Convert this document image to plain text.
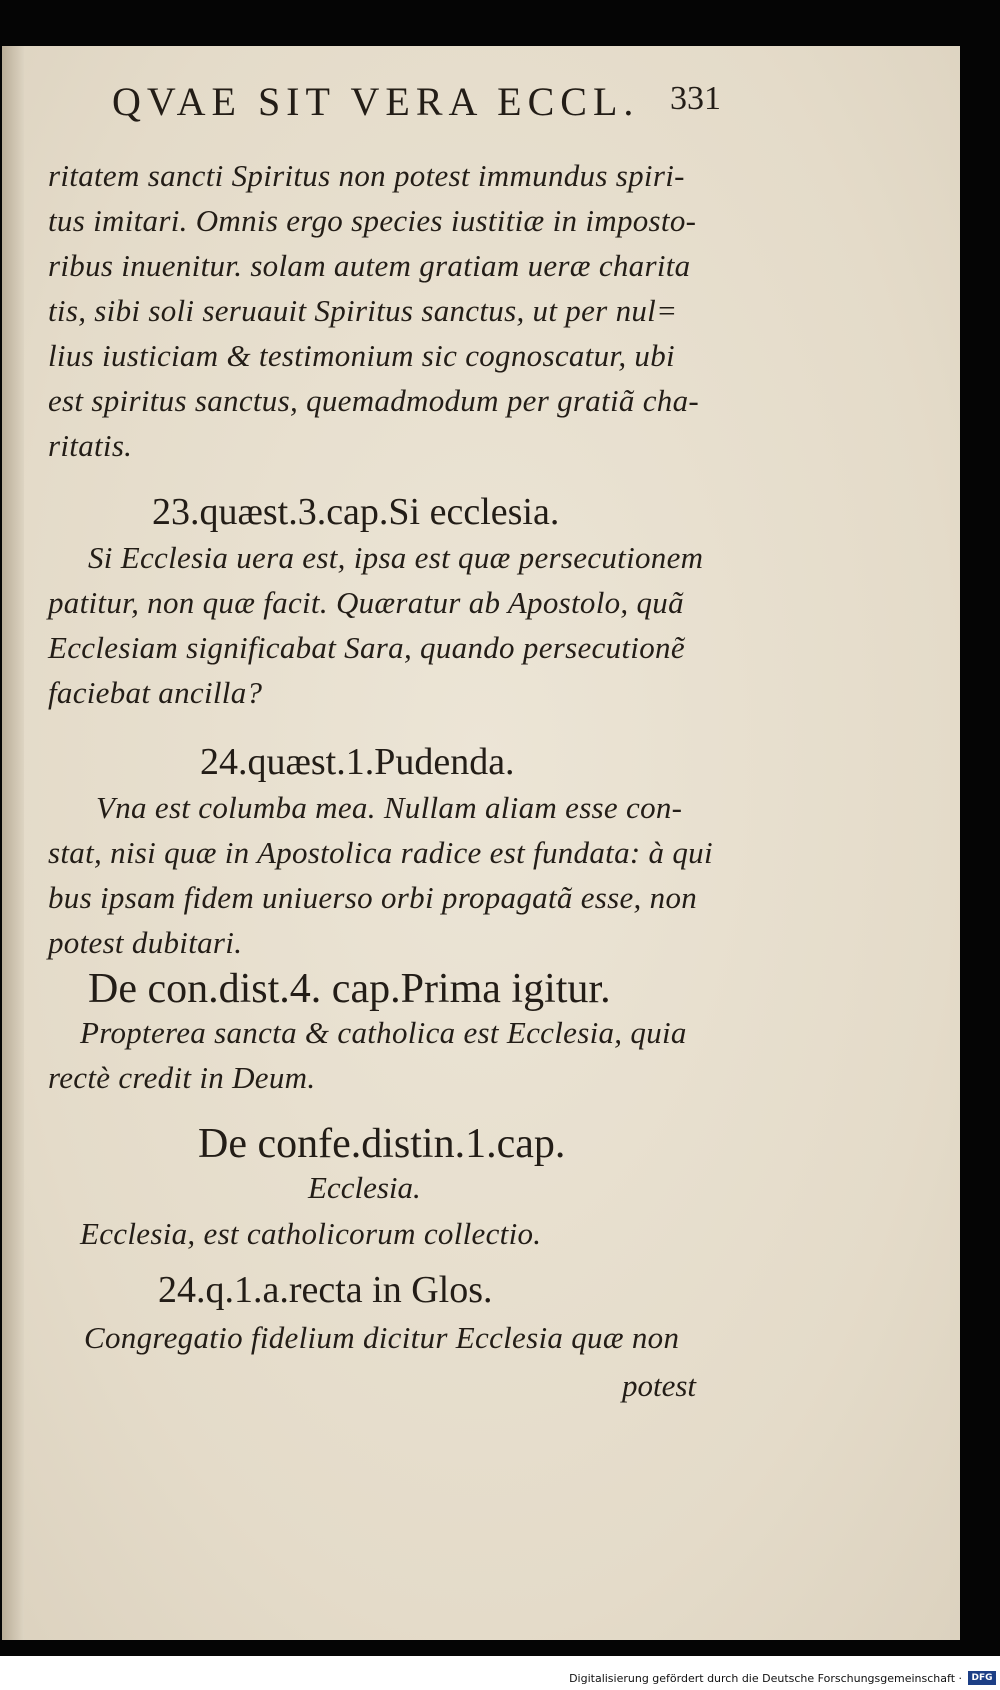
QVAE SIT VERA ECCL. 331
ritatem sancti Spiritus non potest immundus spiri-
tus imitari. Omnis ergo species iustitiæ in imposto-
ribus inuenitur. solam autem gratiam ueræ charita
tis, sibi soli seruauit Spiritus sanctus, ut per nul=
lius iusticiam & testimonium sic cognoscatur, ubi
est spiritus sanctus, quemadmodum per gratiã cha-
ritatis.
23.quæst.3.cap.Si ecclesia.
Si Ecclesia uera est, ipsa est quæ persecutionem
patitur, non quæ facit. Quæratur ab Apostolo, quã
Ecclesiam significabat Sara, quando persecutionẽ
faciebat ancilla?
24.quæst.1.Pudenda.
Vna est columba mea. Nullam aliam esse con-
stat, nisi quæ in Apostolica radice est fundata: à qui
bus ipsam fidem uniuerso orbi propagatã esse, non
potest dubitari.
De con.dist.4. cap.Prima igitur.
Propterea sancta & catholica est Ecclesia, quia
rectè credit in Deum.
De confe.distin.1.cap.
Ecclesia.
Ecclesia, est catholicorum collectio.
24.q.1.a.recta in Glos.
Congregatio fidelium dicitur Ecclesia quæ non
potest
Digitalisierung gefördert durch die Deutsche Forschungsgemeinschaft ·	DFG
